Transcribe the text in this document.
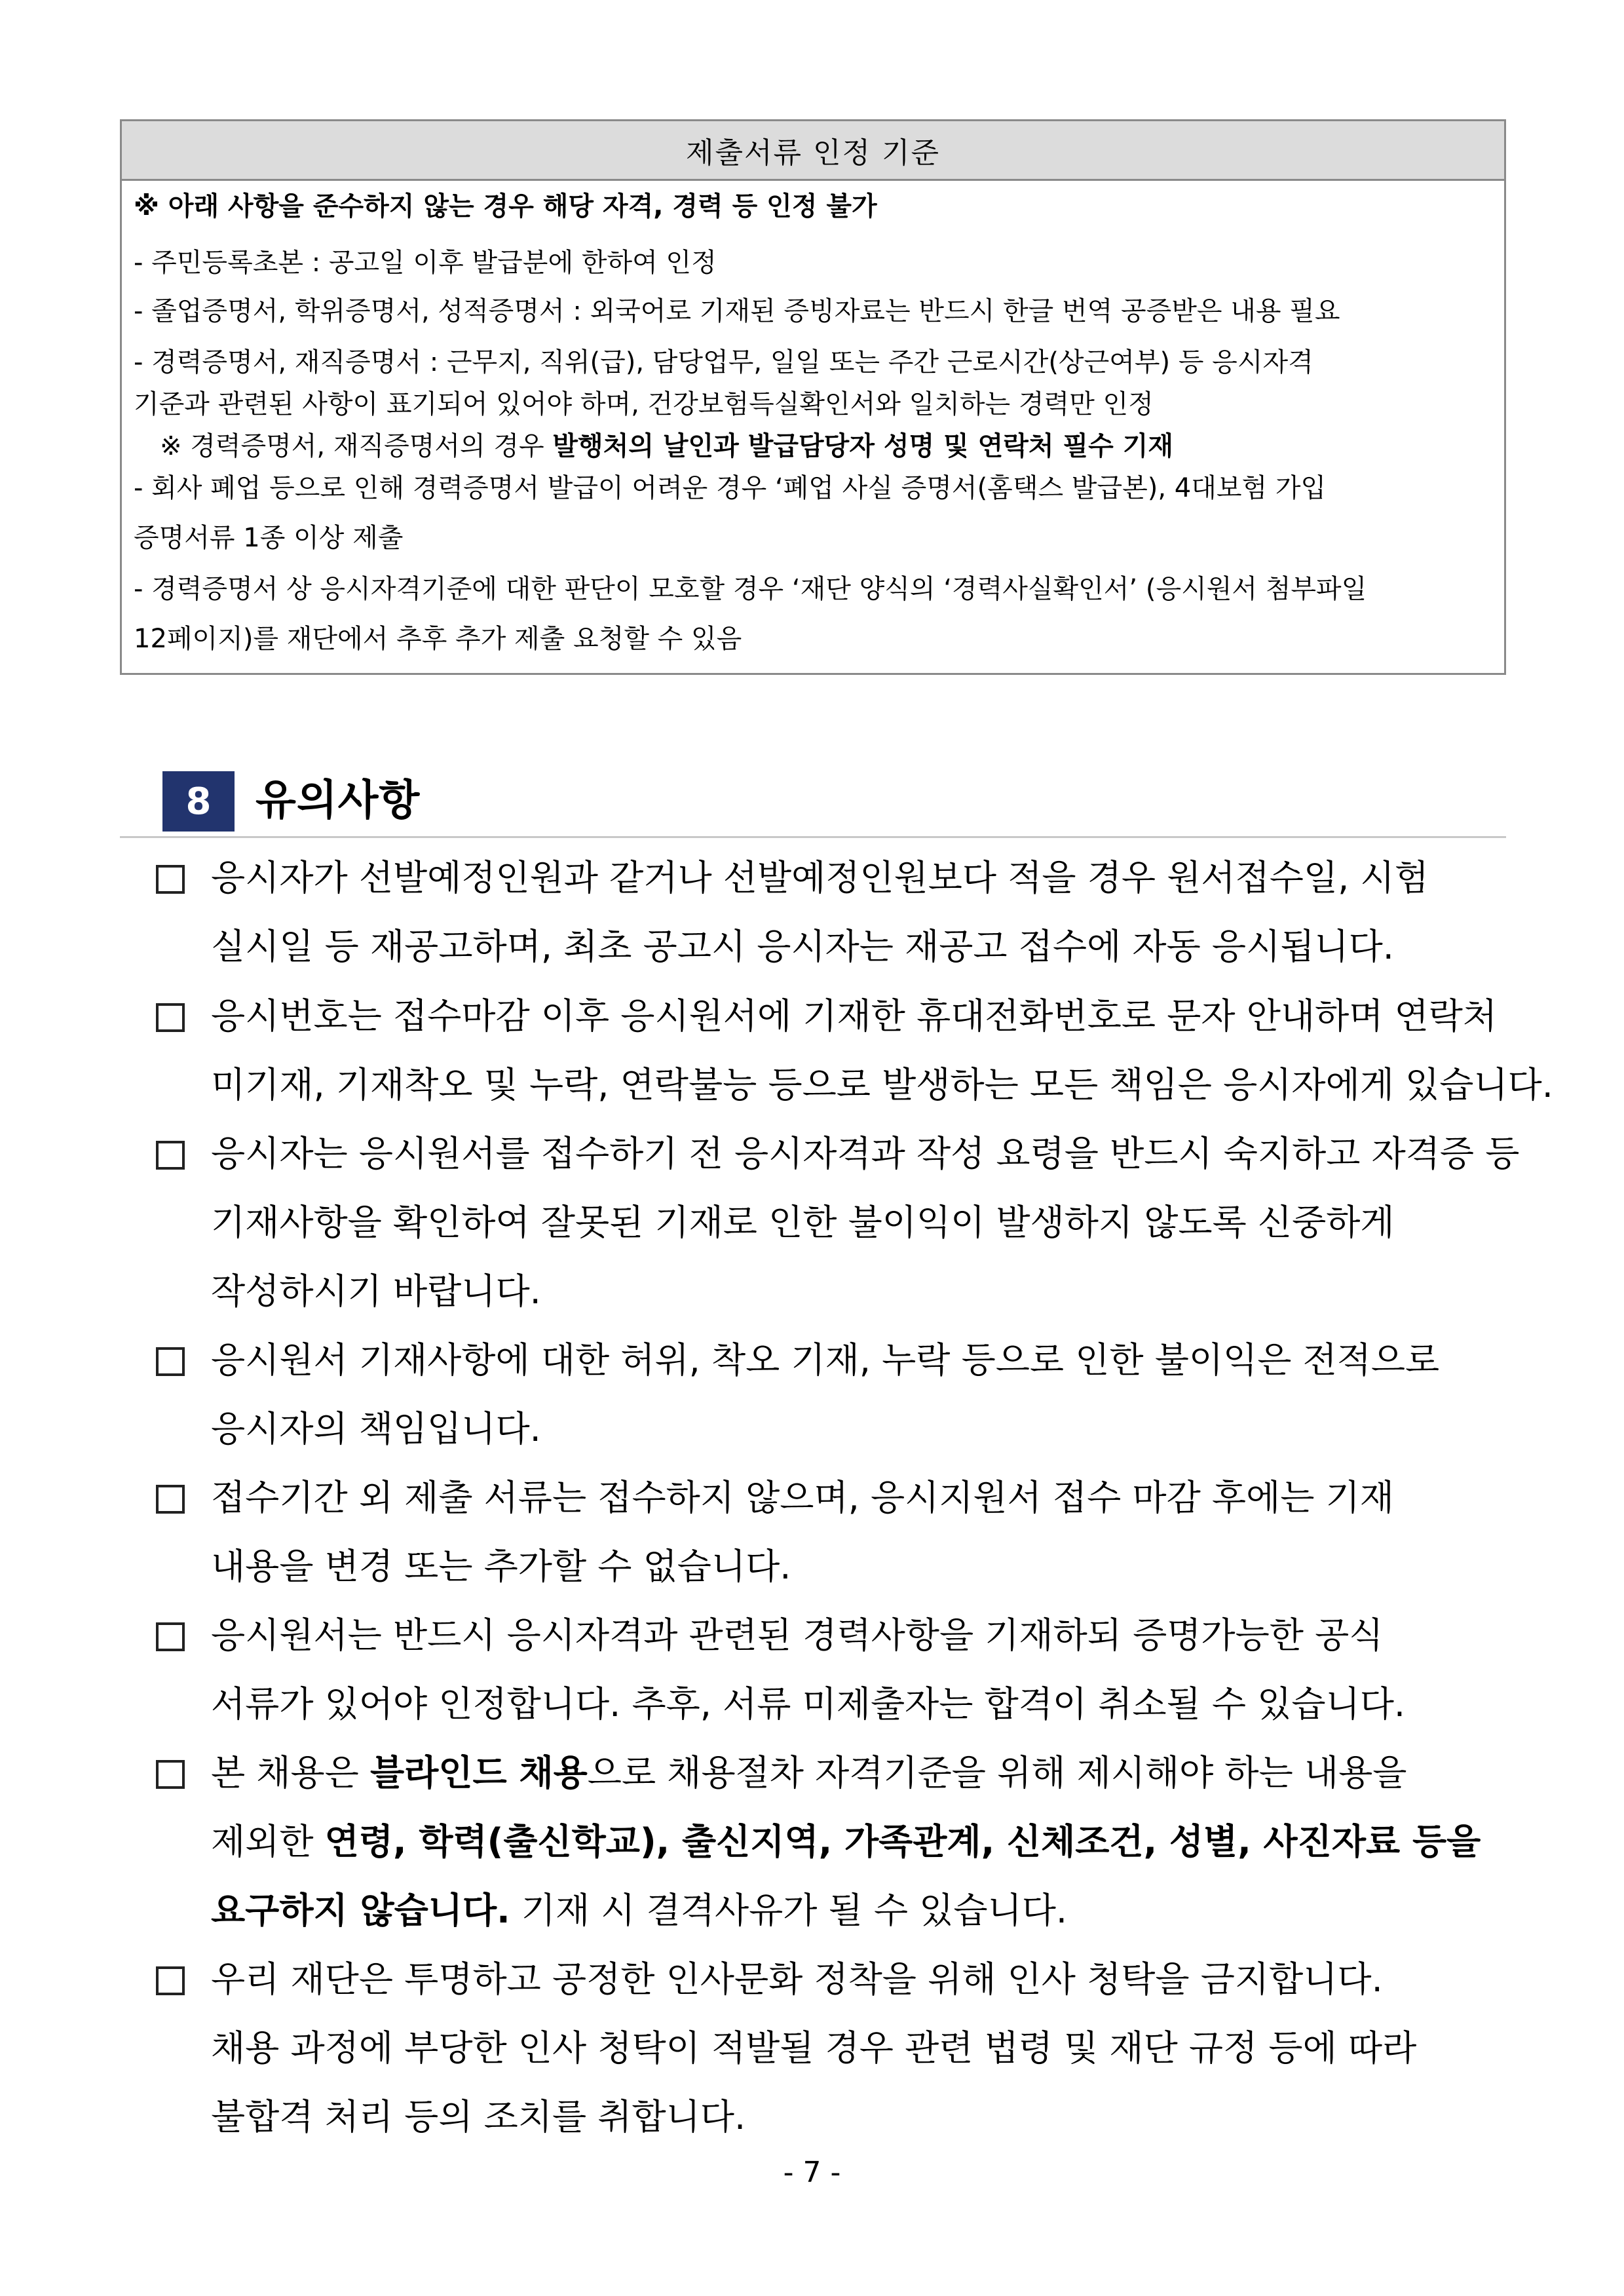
제출서류 인정 기준
※ 아래 사항을 준수하지 않는 경우 해당 자격, 경력 등 인정 불가
- 주민등록초본 : 공고일 이후 발급분에 한하여 인정
- 졸업증명서, 학위증명서, 성적증명서 : 외국어로 기재된 증빙자료는 반드시 한글 번역 공증받은 내용 필요
- 경력증명서, 재직증명서 : 근무지, 직위(급), 담당업무, 일일 또는 주간 근로시간(상근여부) 등 응시자격
기준과 관련된 사항이 표기되어 있어야 하며, 건강보험득실확인서와 일치하는 경력만 인정
※ 경력증명서, 재직증명서의 경우 발행처의 날인과 발급담당자 성명 및 연락처 필수 기재
- 회사 폐업 등으로 인해 경력증명서 발급이 어려운 경우 ‘폐업 사실 증명서(홈택스 발급본), 4대보험 가입
증명서류 1종 이상 제출
- 경력증명서 상 응시자격기준에 대한 판단이 모호할 경우 ‘재단 양식의 ‘경력사실확인서’ (응시원서 첨부파일
12페이지)를 재단에서 추후 추가 제출 요청할 수 있음
8	유의사항
응시자가 선발예정인원과 같거나 선발예정인원보다 적을 경우 원서접수일, 시험
실시일 등 재공고하며, 최초 공고시 응시자는 재공고 접수에 자동 응시됩니다.
응시번호는 접수마감 이후 응시원서에 기재한 휴대전화번호로 문자 안내하며 연락처
미기재, 기재착오 및 누락, 연락불능 등으로 발생하는 모든 책임은 응시자에게 있습니다.
응시자는 응시원서를 접수하기 전 응시자격과 작성 요령을 반드시 숙지하고 자격증 등
기재사항을 확인하여 잘못된 기재로 인한 불이익이 발생하지 않도록 신중하게
작성하시기 바랍니다.
응시원서 기재사항에 대한 허위, 착오 기재, 누락 등으로 인한 불이익은 전적으로
응시자의 책임입니다.
접수기간 외 제출 서류는 접수하지 않으며, 응시지원서 접수 마감 후에는 기재
내용을 변경 또는 추가할 수 없습니다.
응시원서는 반드시 응시자격과 관련된 경력사항을 기재하되 증명가능한 공식
서류가 있어야 인정합니다. 추후, 서류 미제출자는 합격이 취소될 수 있습니다.
본 채용은 블라인드 채용으로 채용절차 자격기준을 위해 제시해야 하는 내용을
제외한 연령, 학력(출신학교), 출신지역, 가족관계, 신체조건, 성별, 사진자료 등을
요구하지 않습니다. 기재 시 결격사유가 될 수 있습니다.
우리 재단은 투명하고 공정한 인사문화 정착을 위해 인사 청탁을 금지합니다.
채용 과정에 부당한 인사 청탁이 적발될 경우 관련 법령 및 재단 규정 등에 따라
불합격 처리 등의 조치를 취합니다.
- 7 -
